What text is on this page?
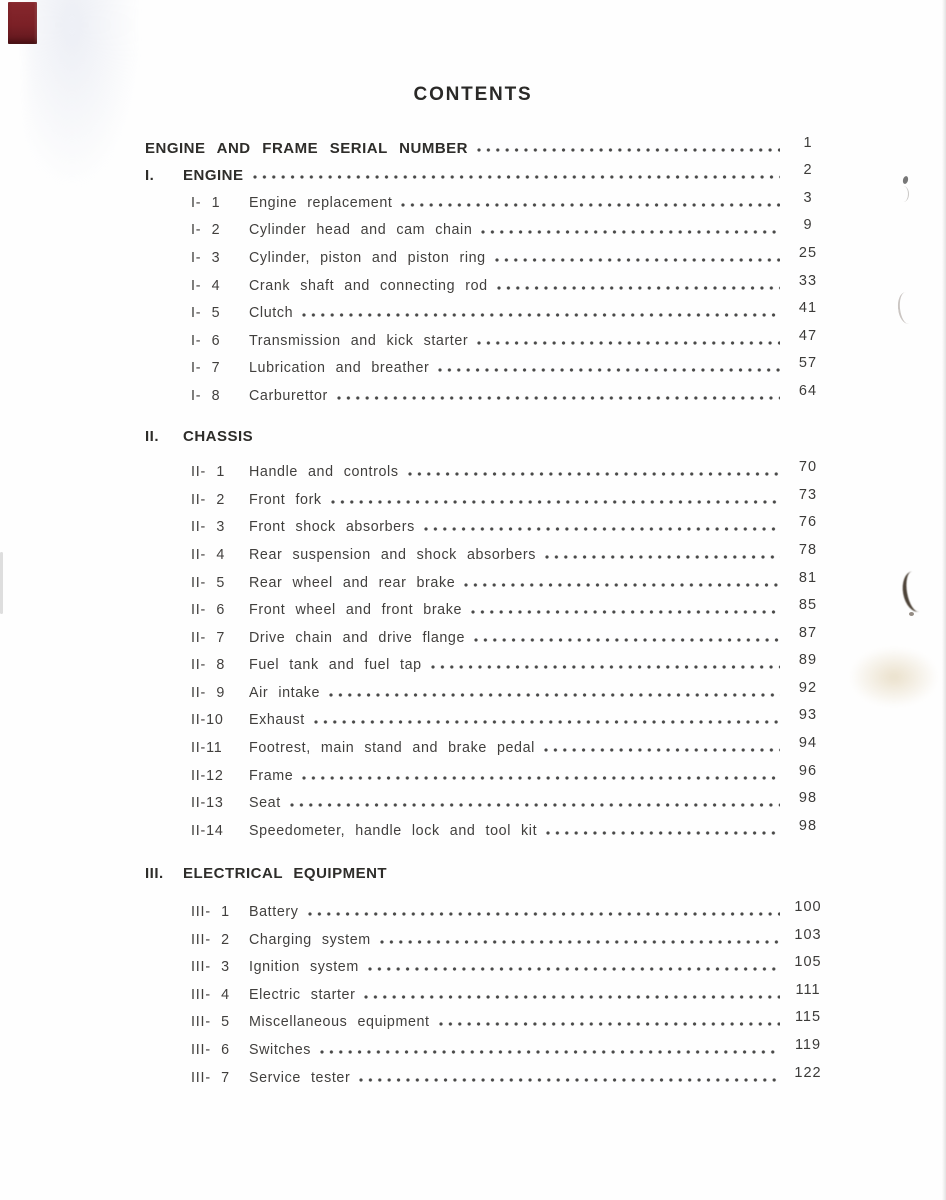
CONTENTS
ENGINE AND FRAME SERIAL NUMBER	1
I.	ENGINE	2
I- 1	Engine replacement	3
I- 2	Cylinder head and cam chain	9
I- 3	Cylinder, piston and piston ring	25
I- 4	Crank shaft and connecting rod	33
I- 5	Clutch	41
I- 6	Transmission and kick starter	47
I- 7	Lubrication and breather	57
I- 8	Carburettor	64
II.	CHASSIS
II- 1	Handle and controls	70
II- 2	Front fork	73
II- 3	Front shock absorbers	76
II- 4	Rear suspension and shock absorbers	78
II- 5	Rear wheel and rear brake	81
II- 6	Front wheel and front brake	85
II- 7	Drive chain and drive flange	87
II- 8	Fuel tank and fuel tap	89
II- 9	Air intake	92
II-10	Exhaust	93
II-11	Footrest, main stand and brake pedal	94
II-12	Frame	96
II-13	Seat	98
II-14	Speedometer, handle lock and tool kit	98
III.	ELECTRICAL EQUIPMENT
III- 1	Battery	100
III- 2	Charging system	103
III- 3	Ignition system	105
III- 4	Electric starter	111
III- 5	Miscellaneous equipment	115
III- 6	Switches	119
III- 7	Service tester	122
